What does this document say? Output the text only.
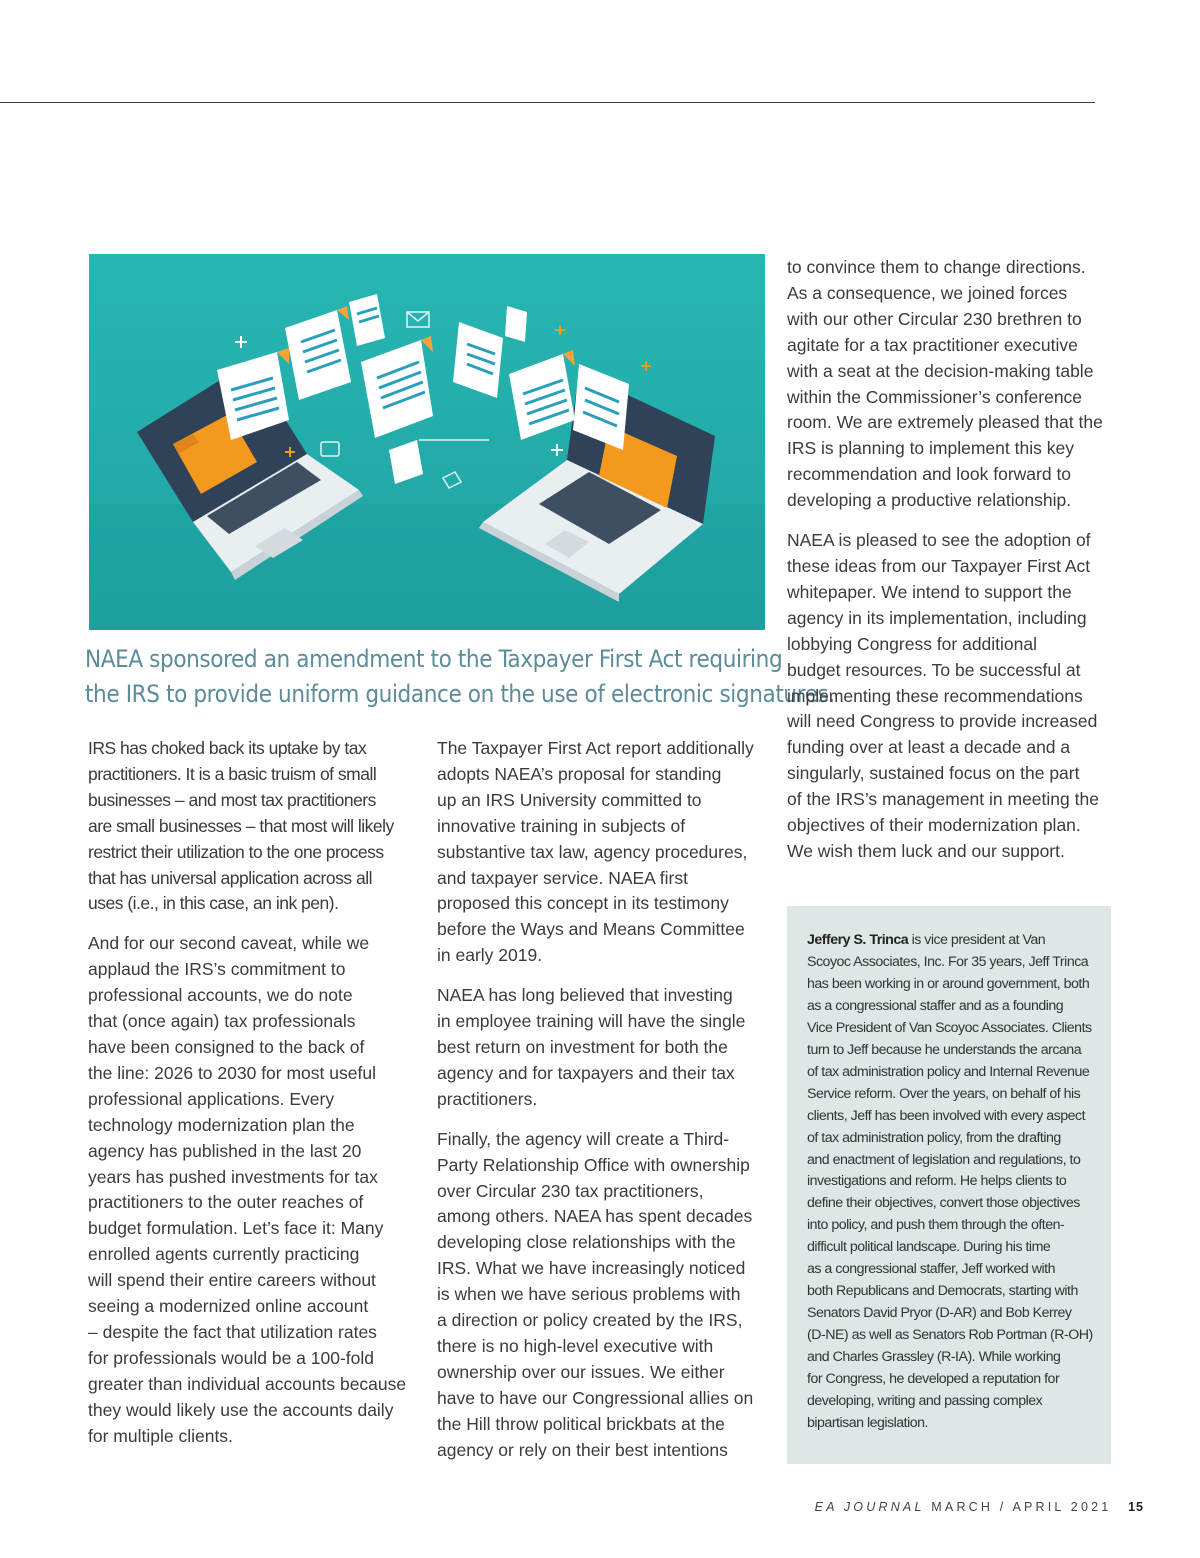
NAEA sponsored an amendment to the Taxpayer First Act requiring
the IRS to provide uniform guidance on the use of electronic signatures.

IRS has choked back its uptake by tax
practitioners. It is a basic truism of small
businesses – and most tax practitioners
are small businesses – that most will likely
restrict their utilization to the one process
that has universal application across all
uses (i.e., in this case, an ink pen).

And for our second caveat, while we
applaud the IRS’s commitment to
professional accounts, we do note
that (once again) tax professionals
have been consigned to the back of
the line: 2026 to 2030 for most useful
professional applications. Every
technology modernization plan the
agency has published in the last 20
years has pushed investments for tax
practitioners to the outer reaches of
budget formulation. Let’s face it: Many
enrolled agents currently practicing
will spend their entire careers without
seeing a modernized online account
– despite the fact that utilization rates
for professionals would be a 100-fold
greater than individual accounts because
they would likely use the accounts daily
for multiple clients.

The Taxpayer First Act report additionally
adopts NAEA’s proposal for standing
up an IRS University committed to
innovative training in subjects of
substantive tax law, agency procedures,
and taxpayer service. NAEA first
proposed this concept in its testimony
before the Ways and Means Committee
in early 2019.

NAEA has long believed that investing
in employee training will have the single
best return on investment for both the
agency and for taxpayers and their tax
practitioners.

Finally, the agency will create a Third-
Party Relationship Office with ownership
over Circular 230 tax practitioners,
among others. NAEA has spent decades
developing close relationships with the
IRS. What we have increasingly noticed
is when we have serious problems with
a direction or policy created by the IRS,
there is no high-level executive with
ownership over our issues. We either
have to have our Congressional allies on
the Hill throw political brickbats at the
agency or rely on their best intentions

to convince them to change directions.
As a consequence, we joined forces
with our other Circular 230 brethren to
agitate for a tax practitioner executive
with a seat at the decision-making table
within the Commissioner’s conference
room. We are extremely pleased that the
IRS is planning to implement this key
recommendation and look forward to
developing a productive relationship.

NAEA is pleased to see the adoption of
these ideas from our Taxpayer First Act
whitepaper. We intend to support the
agency in its implementation, including
lobbying Congress for additional
budget resources. To be successful at
implementing these recommendations
will need Congress to provide increased
funding over at least a decade and a
singularly, sustained focus on the part
of the IRS’s management in meeting the
objectives of their modernization plan.
We wish them luck and our support.

Jeffery S. Trinca is vice president at Van
Scoyoc Associates, Inc. For 35 years, Jeff Trinca
has been working in or around government, both
as a congressional staffer and as a founding
Vice President of Van Scoyoc Associates. Clients
turn to Jeff because he understands the arcana
of tax administration policy and Internal Revenue
Service reform. Over the years, on behalf of his
clients, Jeff has been involved with every aspect
of tax administration policy, from the drafting
and enactment of legislation and regulations, to
investigations and reform. He helps clients to
define their objectives, convert those objectives
into policy, and push them through the often-
difficult political landscape. During his time
as a congressional staffer, Jeff worked with
both Republicans and Democrats, starting with
Senators David Pryor (D-AR) and Bob Kerrey
(D-NE) as well as Senators Rob Portman (R-OH)
and Charles Grassley (R-IA). While working
for Congress, he developed a reputation for
developing, writing and passing complex
bipartisan legislation.
EA JOURNAL MARCH / APRIL 2021 15
